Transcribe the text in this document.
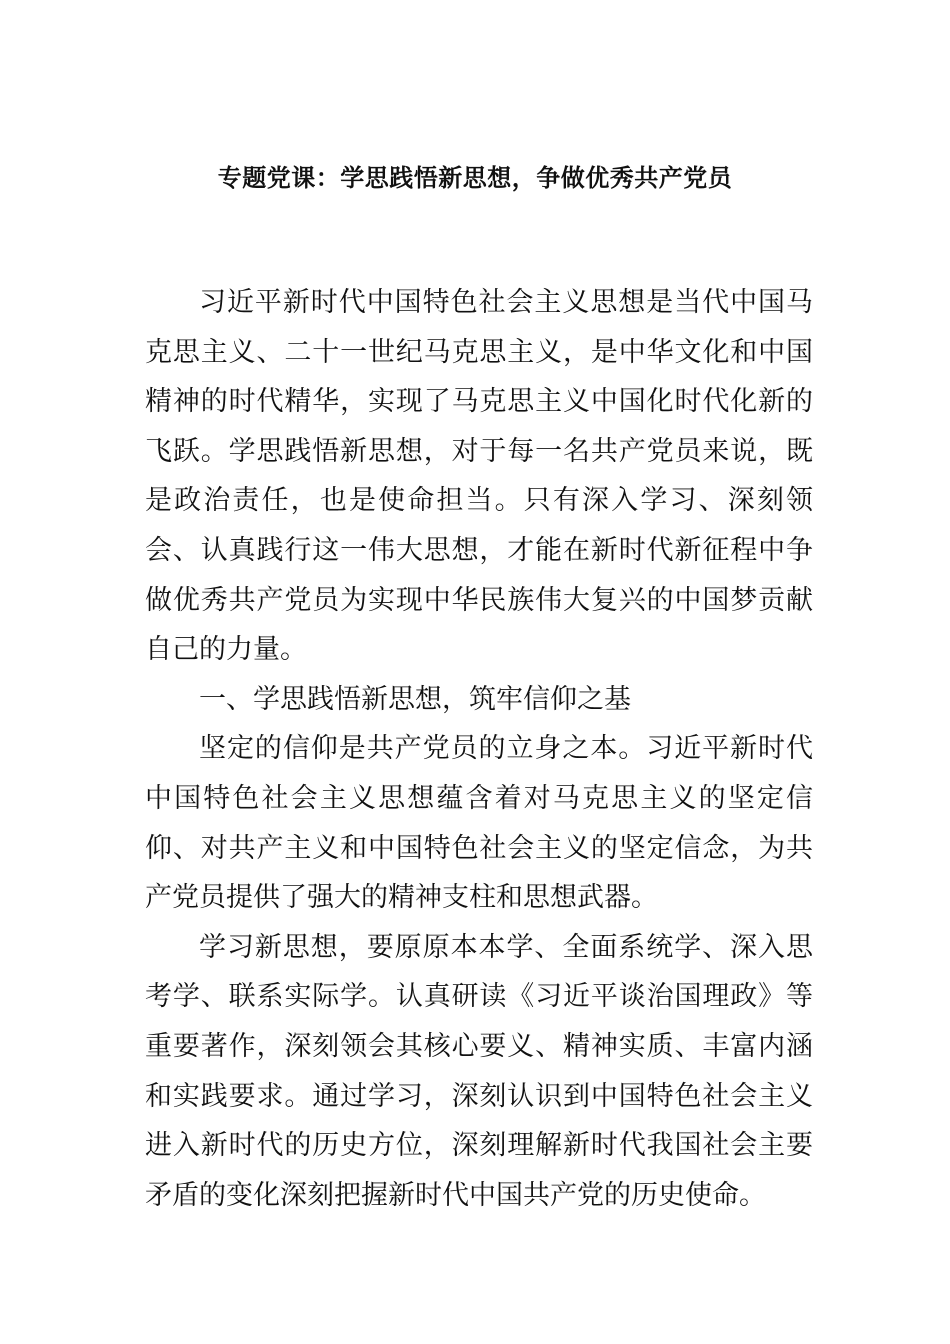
专题党课：学思践悟新思想，争做优秀共产党员

习近平新时代中国特色社会主义思想是当代中国马克思主义、二十一世纪马克思主义，是中华文化和中国精神的时代精华，实现了马克思主义中国化时代化新的飞跃。学思践悟新思想，对于每一名共产党员来说，既是政治责任，也是使命担当。只有深入学习、深刻领会、认真践行这一伟大思想，才能在新时代新征程中争做优秀共产党员为实现中华民族伟大复兴的中国梦贡献自己的力量。

一、学思践悟新思想，筑牢信仰之基

坚定的信仰是共产党员的立身之本。习近平新时代中国特色社会主义思想蕴含着对马克思主义的坚定信仰、对共产主义和中国特色社会主义的坚定信念，为共产党员提供了强大的精神支柱和思想武器。

学习新思想，要原原本本学、全面系统学、深入思考学、联系实际学。认真研读《习近平谈治国理政》等重要著作，深刻领会其核心要义、精神实质、丰富内涵和实践要求。通过学习，深刻认识到中国特色社会主义进入新时代的历史方位，深刻理解新时代我国社会主要矛盾的变化深刻把握新时代中国共产党的历史使命。
